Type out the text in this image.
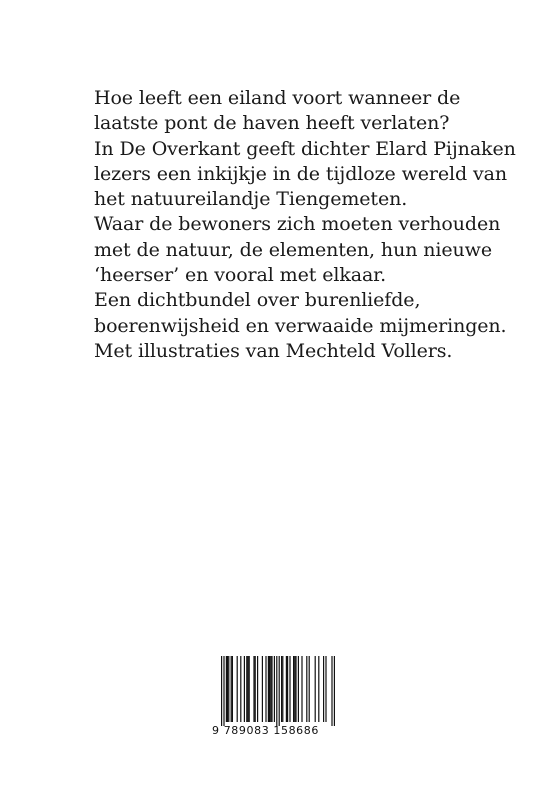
Hoe leeft een eiland voort wanneer de
laatste pont de haven heeft verlaten?
In De Overkant geeft dichter Elard Pijnaken
lezers een inkijkje in de tijdloze wereld van
het natuureilandje Tiengemeten.
Waar de bewoners zich moeten verhouden
met de natuur, de elementen, hun nieuwe
‘heerser’ en vooral met elkaar.
Een dichtbundel over burenliefde,
boerenwijsheid en verwaaide mijmeringen.
Met illustraties van Mechteld Vollers.
9 789083 158686
